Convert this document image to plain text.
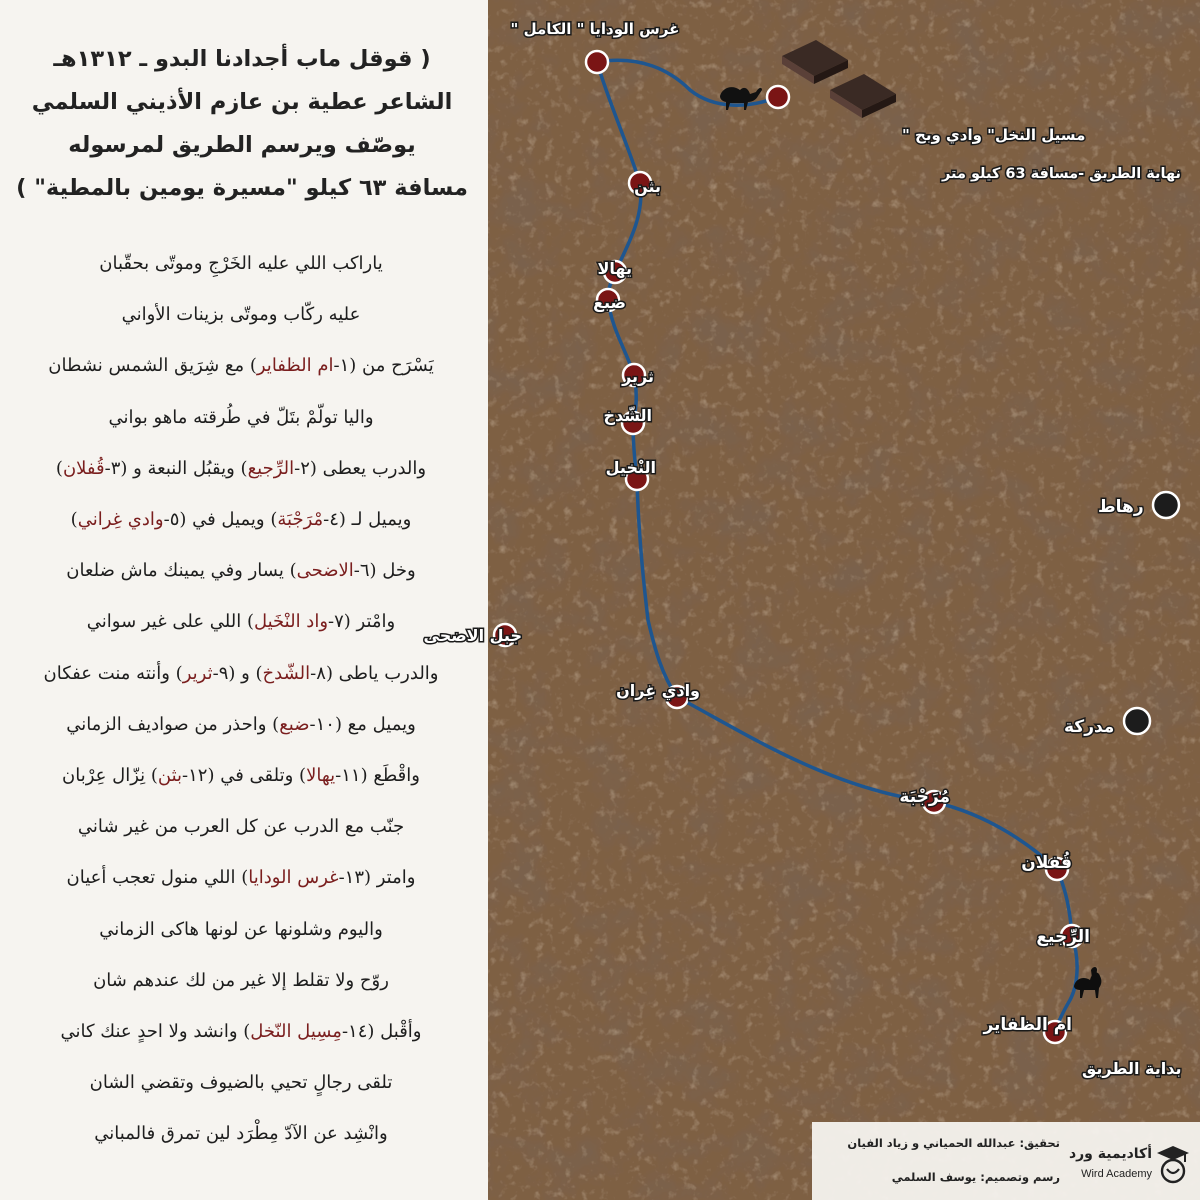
( قوقل ماب أجدادنا البدو ـ ١٣١٢هـ
الشاعر عطية بن عازم الأذيني السلمي
يوصّف ويرسم الطريق لمرسوله
مسافة ٦٣ كيلو "مسيرة يومين بالمطية" )
ياراكب اللي عليه الخَرْجِ وموتّى بحقّبان
عليه ركّاب وموتّى بزينات الأواني
يَسْرَح من (١-ام الظفاير) مع شِرَيق الشمس نشطان
واليا تولّمْ بتَلّ في طُرقته ماهو بواني
والدرب يعطى (٢-الرِّجيع) ويقبُل النبعة و (٣-قُفلان)
ويميل لـ (٤-مْرَجْبَة) ويميل في (٥-وادي غِراني)
وخل (٦-الاضحى) يسار وفي يمينك ماش ضلعان
وامْتر (٧-واد النْخَيل) اللي على غير سواني
والدرب ياطى (٨-الشّدخ) و (٩-ثرير) وأنته منت عفكان
ويميل مع (١٠-ضبع) واحذر من صواديف الزماني
واقْطَع (١١-يهالا) وتلقى في (١٢-بثن) نِزّال عِرْبان
جنّب مع الدرب عن كل العرب من غير شاني
وامتر (١٣-غرس الودايا) اللي منول تعجب أعيان
واليوم وشلونها عن لونها هاكى الزماني
روّح ولا تقلط إلا غير من لك عندهم شان
وأقْبل (١٤-مِسِيل النّخل) وانشد ولا احدٍ عنك كاني
تلقى رجالٍ تحيي بالضيوف وتقضي الشان
وانْشِد عن الآدّ مِطْرَد لين تمرق فالمباني
غرس الودايا " الكامل "
مسيل النخل" وادي وبح "
بثن
يهالا
ضبع
ثرير
الشّدخ
النْخيل
وادي غِران
مُرَجْبَة
قُفلان
الرِّجيع
ام الظفاير
جبل الاضحى
رهاط
مدركة
نهاية الطريق -مسافة 63 كيلو متر
بداية الطريق
تحقيق: عبدالله الحمياني و زياد الفيان
رسم وتصميم: يوسف السلمي
أكاديمية ورد
Wird Academy
